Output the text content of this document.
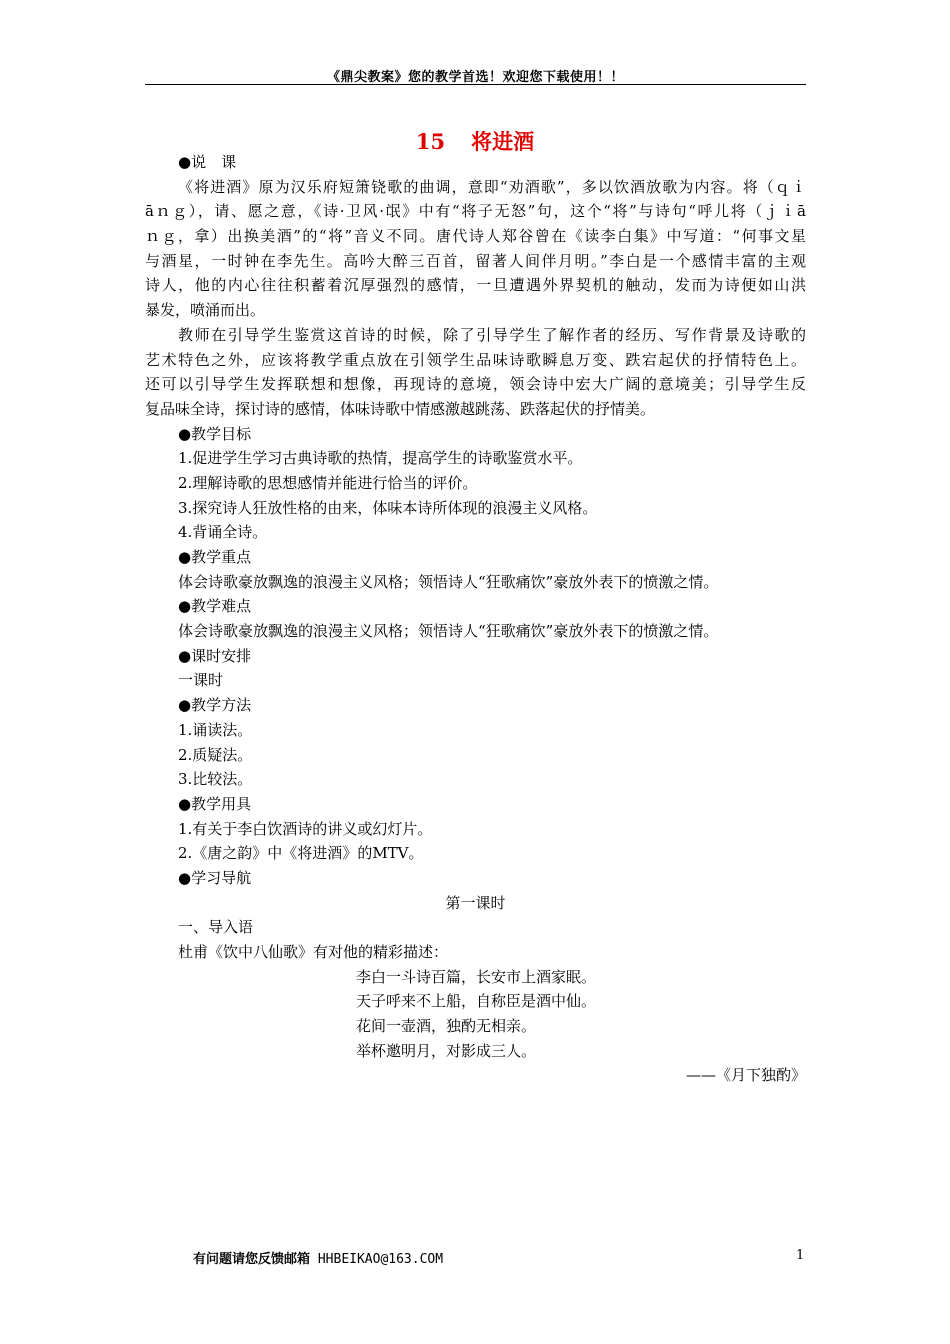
《鼎尖教案》您的教学首选！欢迎您下载使用！！
15 将进酒
●说　课
《将进酒》原为汉乐府短箫铙歌的曲调，意即“劝酒歌”，多以饮酒放歌为内容。将（ｑｉ
āｎｇ），请、愿之意，《诗·卫风·氓》中有“将子无怒”句，这个“将”与诗句“呼儿将（ｊｉā
ｎｇ，拿）出换美酒”的“将”音义不同。唐代诗人郑谷曾在《读李白集》中写道：“何事文星
与酒星，一时钟在李先生。高吟大醉三百首，留著人间伴月明。”李白是一个感情丰富的主观
诗人，他的内心往往积蓄着沉厚强烈的感情，一旦遭遇外界契机的触动，发而为诗便如山洪
暴发，喷涌而出。
教师在引导学生鉴赏这首诗的时候，除了引导学生了解作者的经历、写作背景及诗歌的
艺术特色之外，应该将教学重点放在引领学生品味诗歌瞬息万变、跌宕起伏的抒情特色上。
还可以引导学生发挥联想和想像，再现诗的意境，领会诗中宏大广阔的意境美；引导学生反
复品味全诗，探讨诗的感情，体味诗歌中情感激越跳荡、跌落起伏的抒情美。
●教学目标
1.促进学生学习古典诗歌的热情，提高学生的诗歌鉴赏水平。
2.理解诗歌的思想感情并能进行恰当的评价。
3.探究诗人狂放性格的由来，体味本诗所体现的浪漫主义风格。
4.背诵全诗。
●教学重点
体会诗歌豪放飘逸的浪漫主义风格；领悟诗人“狂歌痛饮”豪放外表下的愤激之情。
●教学难点
体会诗歌豪放飘逸的浪漫主义风格；领悟诗人“狂歌痛饮”豪放外表下的愤激之情。
●课时安排
一课时
●教学方法
1.诵读法。
2.质疑法。
3.比较法。
●教学用具
1.有关于李白饮酒诗的讲义或幻灯片。
2.《唐之韵》中《将进酒》的MTV。
●学习导航
第一课时
一、导入语
杜甫《饮中八仙歌》有对他的精彩描述：
李白一斗诗百篇，长安市上酒家眠。
天子呼来不上船，自称臣是酒中仙。
花间一壶酒，独酌无相亲。
举杯邀明月，对影成三人。
——《月下独酌》
有问题请您反馈邮箱 HHBEIKAO@163.COM	1
